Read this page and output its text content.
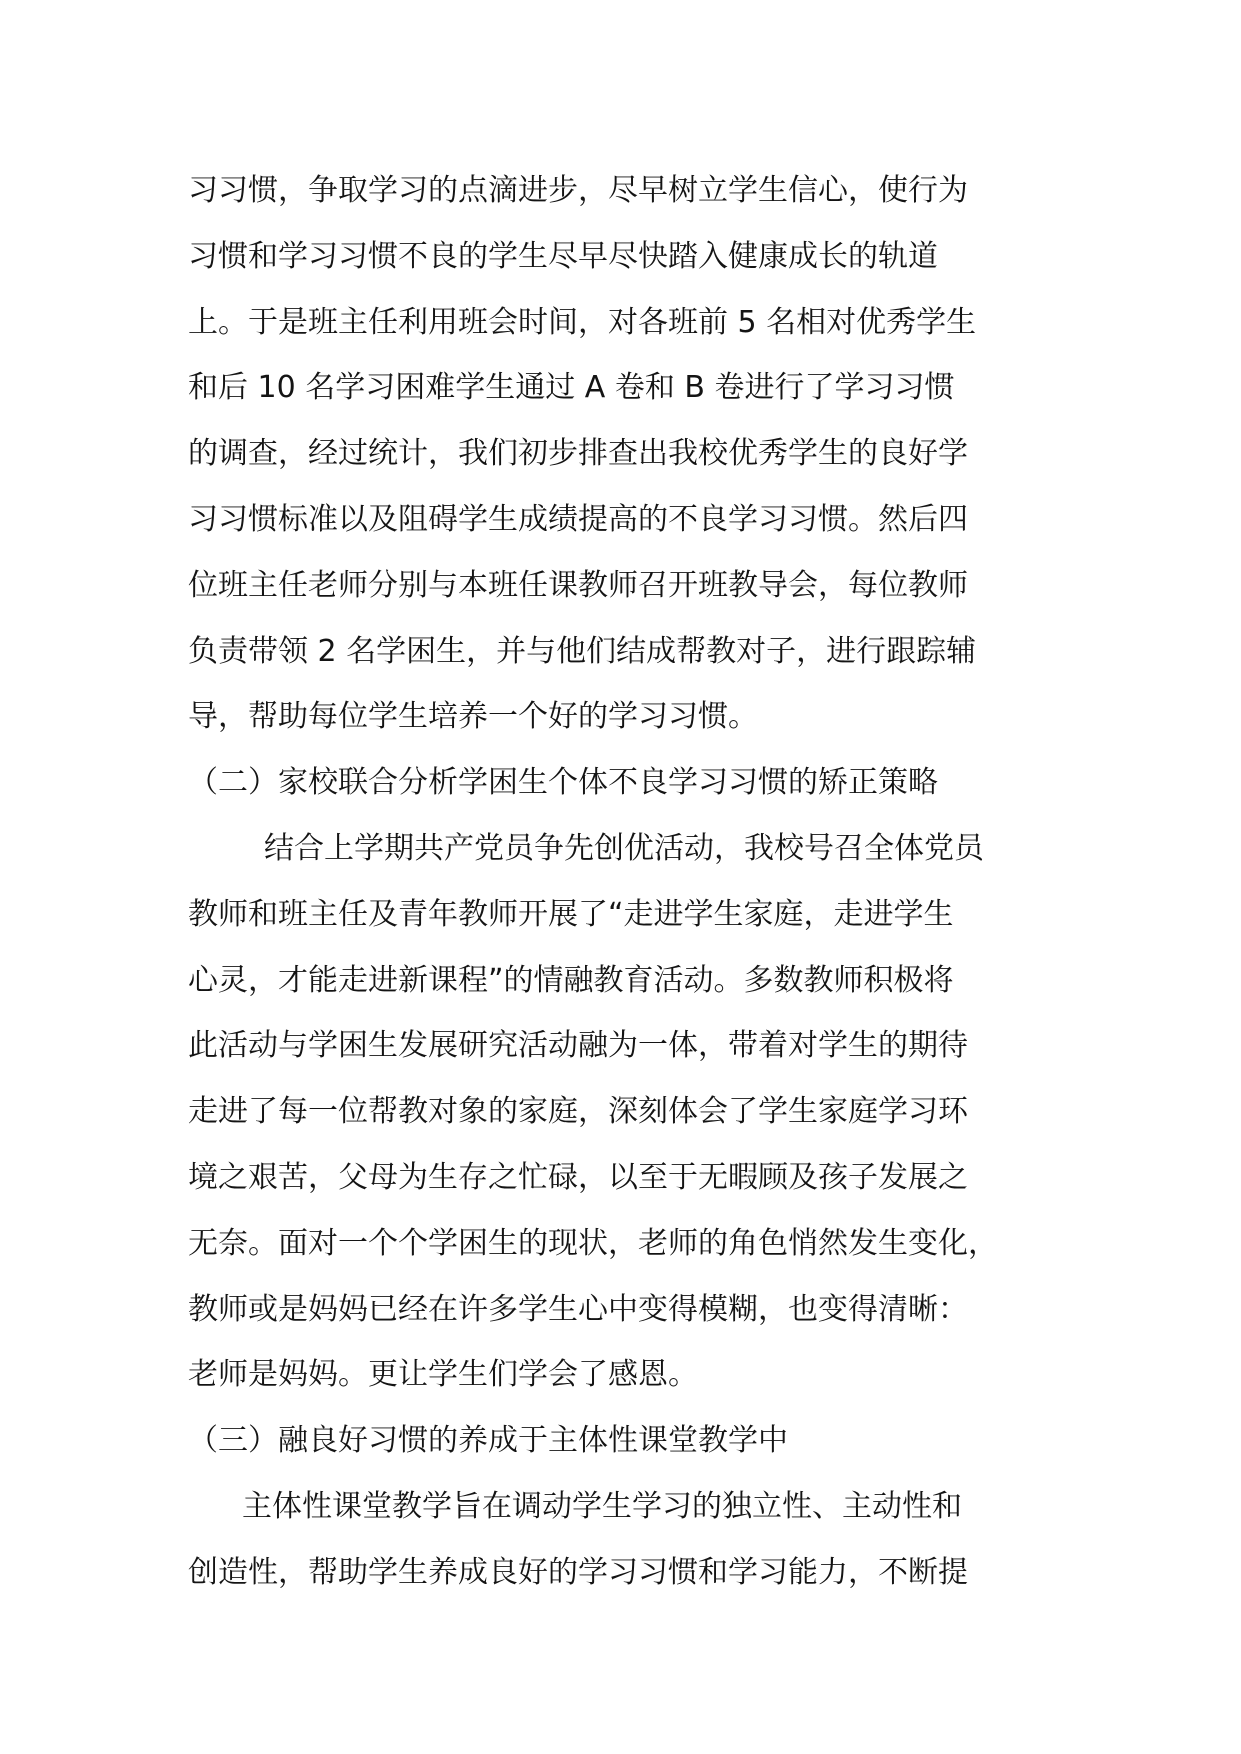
习习惯，争取学习的点滴进步，尽早树立学生信心，使行为
习惯和学习习惯不良的学生尽早尽快踏入健康成长的轨道
上。于是班主任利用班会时间，对各班前 5 名相对优秀学生
和后 10 名学习困难学生通过 A 卷和 B 卷进行了学习习惯
的调查，经过统计，我们初步排查出我校优秀学生的良好学
习习惯标准以及阻碍学生成绩提高的不良学习习惯。然后四
位班主任老师分别与本班任课教师召开班教导会，每位教师
负责带领 2 名学困生，并与他们结成帮教对子，进行跟踪辅
导，帮助每位学生培养一个好的学习习惯。
（二）家校联合分析学困生个体不良学习习惯的矫正策略
结合上学期共产党员争先创优活动，我校号召全体党员
教师和班主任及青年教师开展了“走进学生家庭，走进学生
心灵，才能走进新课程”的情融教育活动。多数教师积极将
此活动与学困生发展研究活动融为一体，带着对学生的期待
走进了每一位帮教对象的家庭，深刻体会了学生家庭学习环
境之艰苦，父母为生存之忙碌，以至于无暇顾及孩子发展之
无奈。面对一个个学困生的现状，老师的角色悄然发生变化，
教师或是妈妈已经在许多学生心中变得模糊，也变得清晰：
老师是妈妈。更让学生们学会了感恩。
（三）融良好习惯的养成于主体性课堂教学中
主体性课堂教学旨在调动学生学习的独立性、主动性和
创造性，帮助学生养成良好的学习习惯和学习能力，不断提
